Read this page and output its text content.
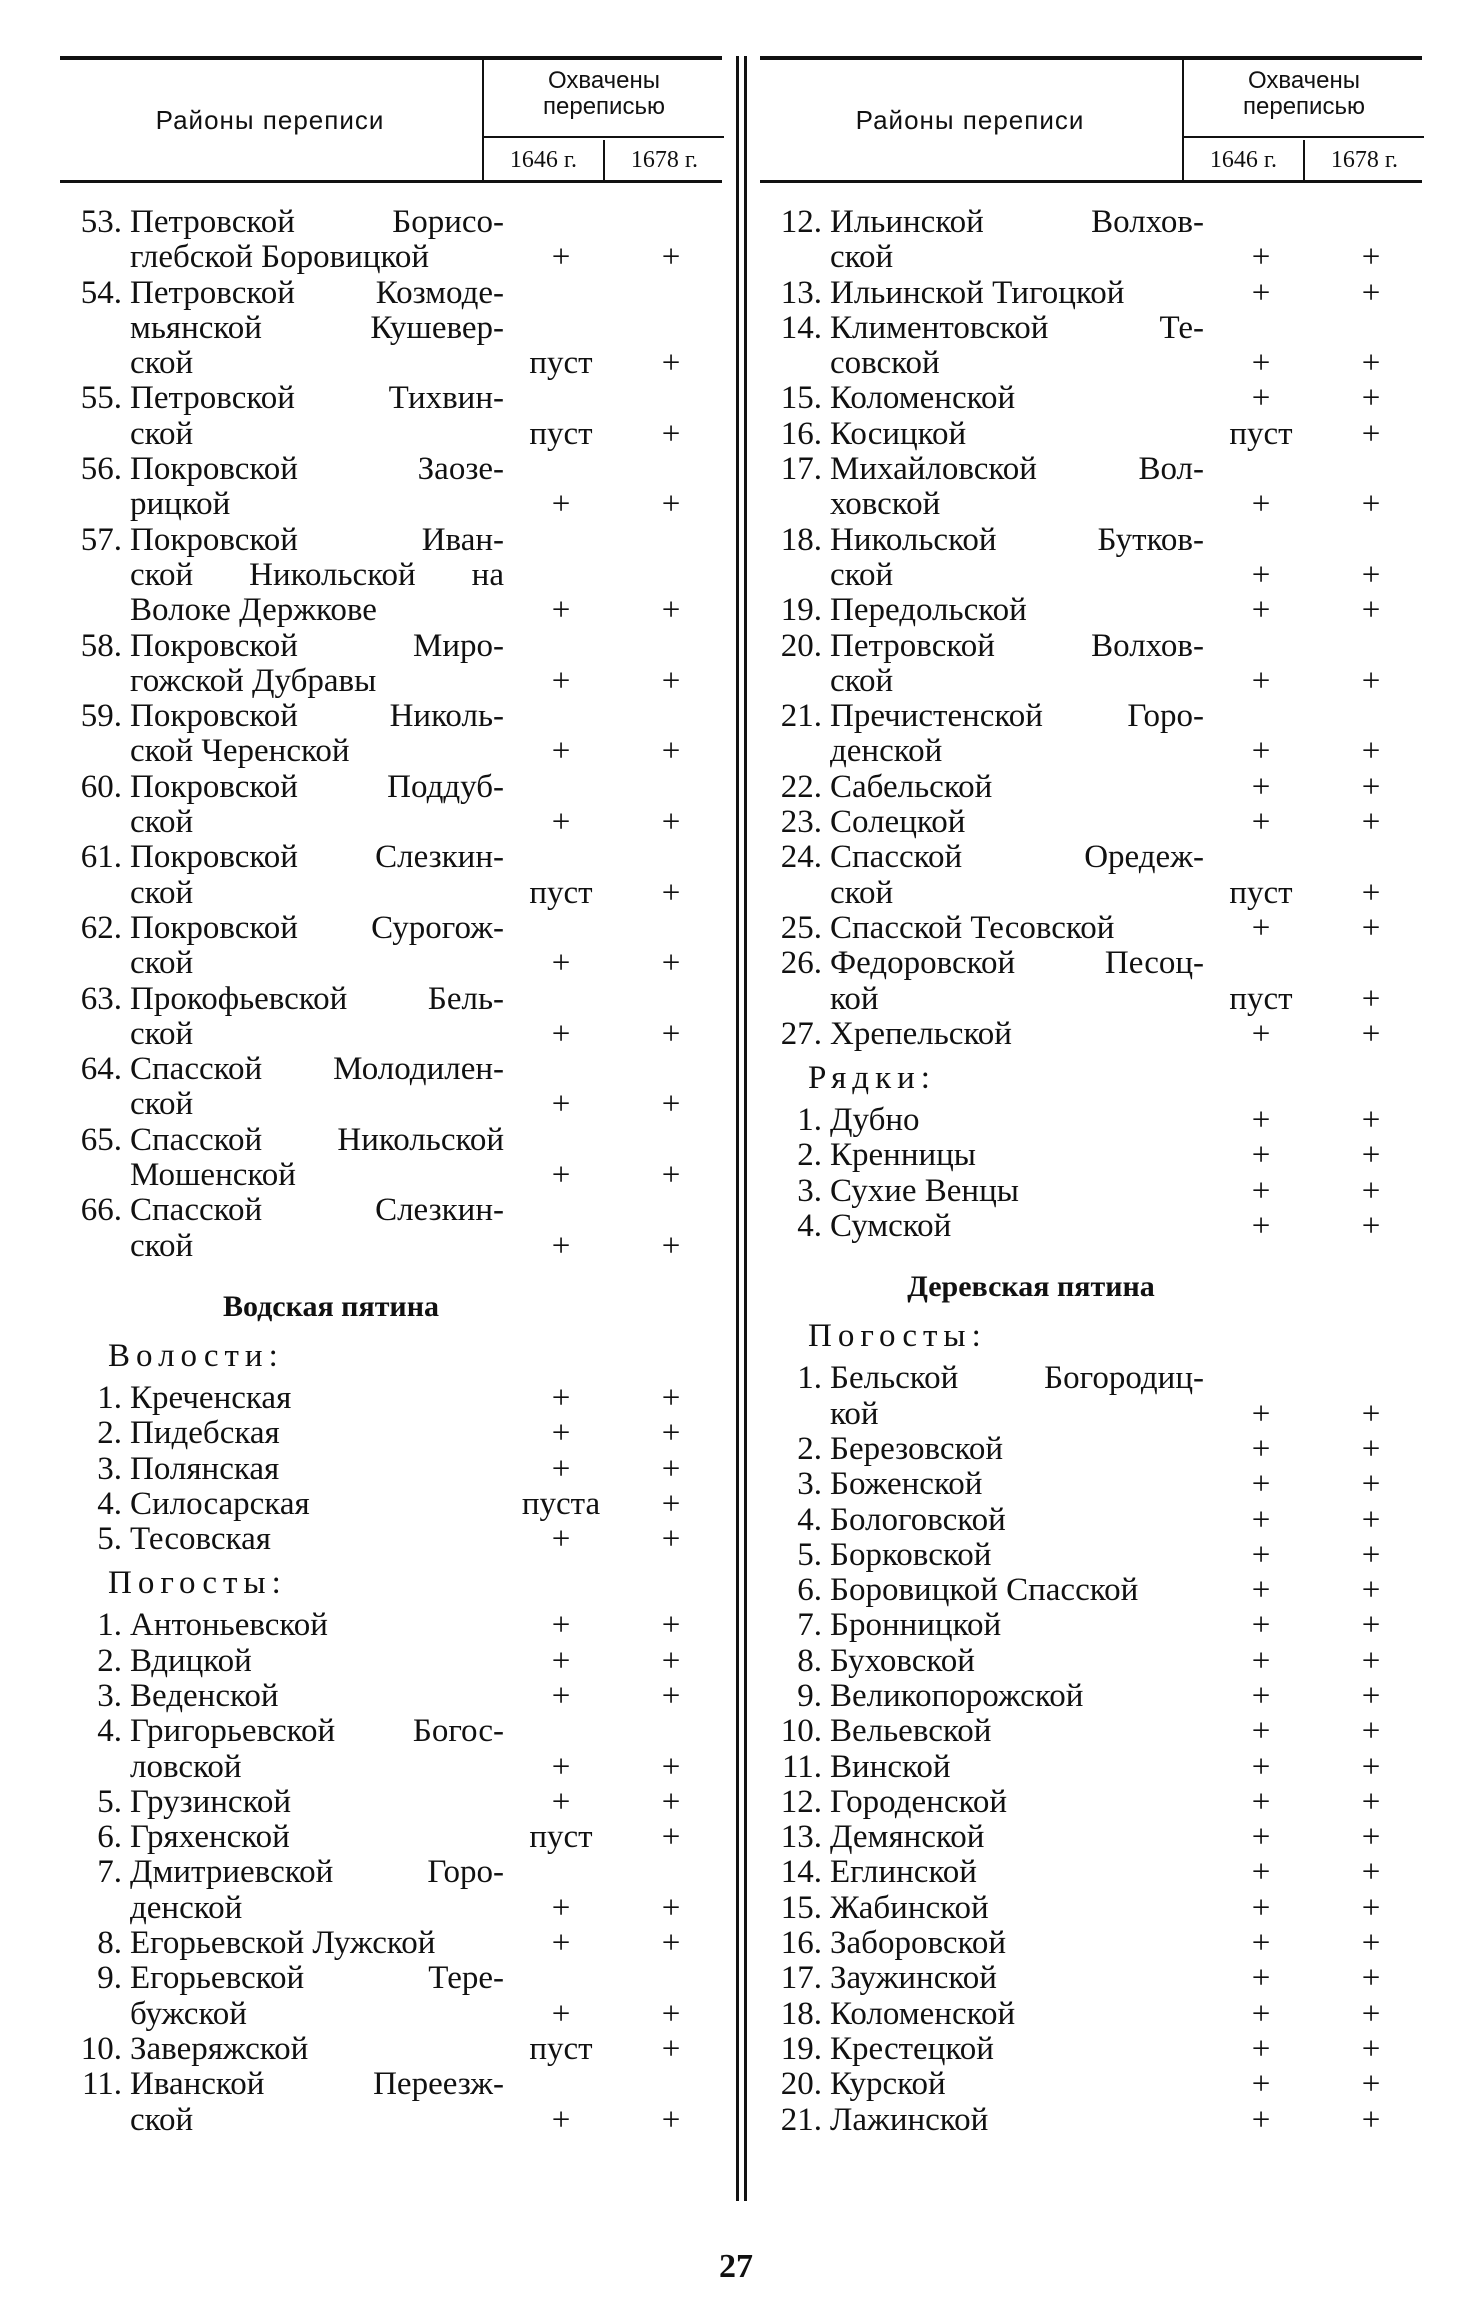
Районы переписи
Охвачены переписью
1646 г.	1678 г.
53. Петровской Борисо-
глебской Боровицкой	+	+
54. Петровской Козмоде-
мьянской Кушевер-
ской	пуст	+
55. Петровской Тихвин-
ской	пуст	+
56. Покровской Заозе-
рицкой	+	+
57. Покровской Иван-
ской Никольской на
Волоке Держкове	+	+
58. Покровской Миро-
гожской Дубравы	+	+
59. Покровской Николь-
ской Черенской	+	+
60. Покровской Поддуб-
ской	+	+
61. Покровской Слезкин-
ской	пуст	+
62. Покровской Сурогож-
ской	+	+
63. Прокофьевской Бель-
ской	+	+
64. Спасской Молодилен-
ской	+	+
65. Спасской Никольской
Мошенской	+	+
66. Спасской Слезкин-
ской	+	+
Водская пятина
Волости:
1. Креченская	+	+
2. Пидебская	+	+
3. Полянская	+	+
4. Силосарская	пуста	+
5. Тесовская	+	+
Погосты:
1. Антоньевской	+	+
2. Вдицкой	+	+
3. Веденской	+	+
4. Григорьевской Богос-
ловской	+	+
5. Грузинской	+	+
6. Гряхенской	пуст	+
7. Дмитриевской Горо-
денской	+	+
8. Егорьевской Лужской	+	+
9. Егорьевской Тере-
бужской	+	+
10. Заверяжской	пуст	+
11. Иванской Переезж-
ской	+	+
Районы переписи
Охвачены переписью
1646 г.	1678 г.
12. Ильинской Волхов-
ской	+	+
13. Ильинской Тигоцкой	+	+
14. Климентовской Те-
совской	+	+
15. Коломенской	+	+
16. Косицкой	пуст	+
17. Михайловской Вол-
ховской	+	+
18. Никольской Бутков-
ской	+	+
19. Передольской	+	+
20. Петровской Волхов-
ской	+	+
21. Пречистенской Горо-
денской	+	+
22. Сабельской	+	+
23. Солецкой	+	+
24. Спасской Оредеж-
ской	пуст	+
25. Спасской Тесовской	+	+
26. Федоровской Песоц-
кой	пуст	+
27. Хрепельской	+	+
Рядки:
1. Дубно	+	+
2. Кренницы	+	+
3. Сухие Венцы	+	+
4. Сумской	+	+
Деревская пятина
Погосты:
1. Бельской Богородиц-
кой	+	+
2. Березовской	+	+
3. Боженской	+	+
4. Бологовской	+	+
5. Борковской	+	+
6. Боровицкой Спасской	+	+
7. Бронницкой	+	+
8. Буховской	+	+
9. Великопорожской	+	+
10. Вельевской	+	+
11. Винской	+	+
12. Городенской	+	+
13. Демянской	+	+
14. Еглинской	+	+
15. Жабинской	+	+
16. Заборовской	+	+
17. Заужинской	+	+
18. Коломенской	+	+
19. Крестецкой	+	+
20. Курской	+	+
21. Лажинской	+	+
27
